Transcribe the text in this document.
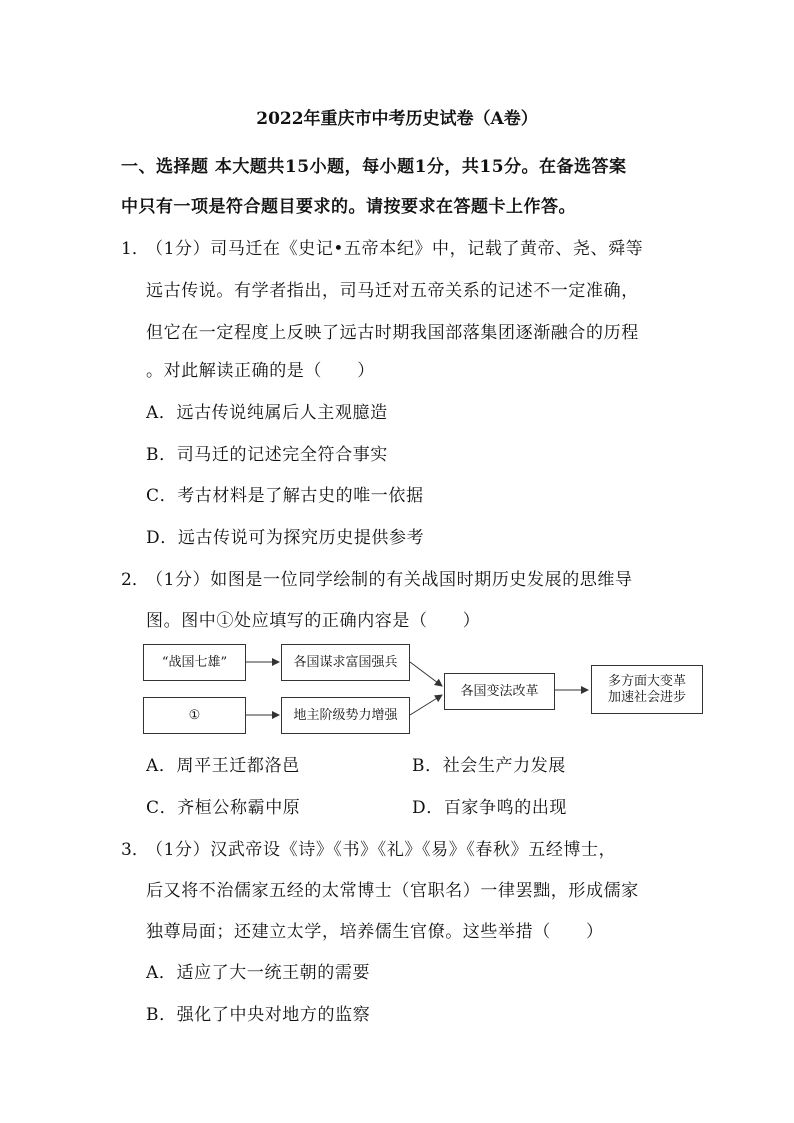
2022年重庆市中考历史试卷（A卷）
一、选择题 本大题共15小题，每小题1分，共15分。在备选答案
中只有一项是符合题目要求的。请按要求在答题卡上作答。
1．
（1分）司马迁在《史记•五帝本纪》中，记载了黄帝、尧、舜等
远古传说。有学者指出，司马迁对五帝关系的记述不一定准确，
但它在一定程度上反映了远古时期我国部落集团逐渐融合的历程
。对此解读正确的是（　　）
A．远古传说纯属后人主观臆造
B．司马迁的记述完全符合事实
C．考古材料是了解古史的唯一依据
D．远古传说可为探究历史提供参考
2．
（1分）如图是一位同学绘制的有关战国时期历史发展的思维导
图。图中①处应填写的正确内容是（　　）
“战国七雄”
①
各国谋求富国强兵
地主阶级势力增强
各国变法改革
多方面大变革
加速社会进步
A．周平王迁都洛邑	B．社会生产力发展
C．齐桓公称霸中原	D．百家争鸣的出现
3．
（1分）汉武帝设《诗》《书》《礼》《易》《春秋》五经博士，
后又将不治儒家五经的太常博士（官职名）一律罢黜，形成儒家
独尊局面；还建立太学，培养儒生官僚。这些举措（　　）
A．适应了大一统王朝的需要
B．强化了中央对地方的监察
